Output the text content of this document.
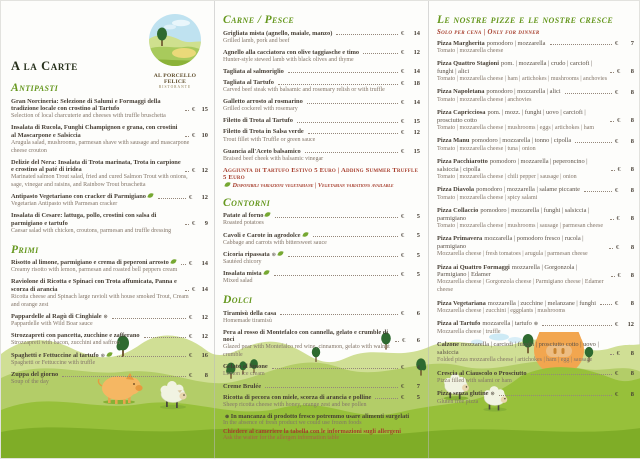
AL PORCELLO FELICE
RISTORANTE
A la Carte
Antipasti
Gran Norcineria: Selezione di Salumi e Formaggi della tradizione locale con crostino al Tartufo	€	15
Selection of local charcuterie and cheeses with truffle bruschetta
Insalata di Rucola, Funghi Champignon e grana, con crostini al Mascarpone e Salsiccia	€	10
Arugula salad, mushrooms, parmesan shave with sausage and mascarpone cheese crouton
Delizie del Nera: Insalata di Trota marinata, Trota in carpione e crostino al paté di iridea	€	12
Marinated salmon Trout salad, fried and cured Salmon Trout with onions, sage, vinegar and raisins, and Rainbow Trout bruschetta
Antipasto Vegetariano con cracker di Parmigiano	€	12
Vegetarian Antipasto with Parmesan cracker
Insalata di Cesare: lattuga, pollo, crostini con salsa di parmigiano e tartufo	€	9
Caesar salad with chicken, croutons, parmesan and truffle dressing
Primi
Risotto al limone, parmigiano e crema di peperoni arrosto	€	14
Creamy risotto with lemon, parmesan and roasted bell peppers cream
Raviolone di Ricotta e Spinaci con Trota affumicata, Panna e scorza di arancia	€	14
Ricotta cheese and Spinach large ravioli with house smoked Trout, Cream and orange zest
Pappardelle al Ragù di Cinghiale ⊛	€	12
Pappardelle with Wild Boar sauce
Strozzapreti con pancetta, zucchine e zafferano	€	12
Strozzapreti with bacon, zucchini and saffron
Spaghetti e Fettuccine al tartufo ⊛	€	16
Spaghetti or Fettuccine with truffle
Zuppa del giorno	€	8
Soup of the day
Carne / Pesce
Grigliata mista (agnello, maiale, manzo)	€	14
Grilled lamb, pork and beef
Agnello alla cacciatora con olive taggiasche e timo	€	12
Hunter-style stewed lamb with black olives and thyme
Tagliata al salmoriglio	€	14
Tagliata al Tartufo	€	18
Carved beef steak with balsamic and rosemary relish or with truffle
Galletto arrosto al rosmarino	€	14
Grilled cockerel with rosemary
Filetto di Trota al Tartufo	€	15
Filetto di Trota in Salsa verde	€	12
Trout fillet with Truffle or green sauce
Guancia all'Aceto balsamico	€	15
Braised beef cheek with balsamic vinegar
Aggiunta di Tartufo Estivo 5 Euro | Adding Summer Truffle 5 Euro
Disponibili variazioni vegetariane | Vegetarian variations available
Contorni
Patate al forno	€	5
Roasted potatoes
Cavoli e Carote in agrodolce	€	5
Cabbage and carrots with bittersweet sauce
Cicoria ripassata ⊛	€	5
Sautéed chicory
Insalata mista	€	5
Mixed salad
Dolci
Tiramisù della casa	€	6
Homemade tiramisù
Pera al rosso di Montefalco con cannella, gelato e crumble di noci	€	6
Glazed pear with Montefalco red wine, cinnamon, gelato with walnut crumble
Gelato al limone	€	4
Lemon ice cream
Creme Brulée	€	7
Ricotta di pecora con miele, scorza di arancia e polline	€	5
Sheep ricotta cheese with honey, orange zest and bee pollen
⊛ In mancanza di prodotto fresco potremmo usare alimenti surgelati
In the absence of fresh product we could use frozen foods
Chiedere al cameriere la tabella con le informazioni sugli allergeni
Ask the waiter for the allergen information table
Le nostre pizze e le nostre cresce
Solo per cena | Only for dinner
Pizza Margherita pomodoro | mozzarella	€	7
Tomato | mozzarella cheese
Pizza Quattro Stagioni pom. | mozzarella | crudo | carciofi | funghi | alici	€	8
Tomato | mozzarella cheese | ham | artichokes | mushrooms | anchovies
Pizza Napoletana pomodoro | mozzarella | alici	€	8
Tomato | mozzarella cheese | anchovies
Pizza Capricciosa pom. | mozz. | funghi | uovo | carciofi | prosciutto cotto	€	8
Tomato | mozzarella cheese | mushrooms | eggs | artichokes | ham
Pizza Manu pomodoro | mozzarella | tonno | cipolla	€	8
Tomato | mozzarella cheese | tuna | onion
Pizza Pacchiarotto pomodoro | mozzarella | peperoncino | salsiccia | cipolla	€	8
Tomato | mozzarella cheese | chili pepper | sausage | onion
Pizza Diavola pomodoro | mozzarella | salame piccante	€	8
Tomato | mozzarella cheese | spicy salami
Pizza Collaccio pomodoro | mozzarella | funghi | salsiccia | parmigiano	€	8
Tomato | mozzarella cheese | mushrooms | sausage | parmesan cheese
Pizza Primavera mozzarella | pomodoro fresco | rucola | parmigiano	€	8
Mozzarella cheese | fresh tomatoes | arugula | parmesan cheese
Pizza ai Quattro Formaggi mozzarella | Gorgonzola | Parmigiano | Edamer	€	8
Mozzarella cheese | Gorgonzola cheese | Parmigiano cheese | Edamer cheese
Pizza Vegetariana mozzarella | zucchine | melanzane | funghi	€	8
Mozzarella cheese | zucchini | eggplants | mushrooms
Pizza al Tartufo mozzarella | tartufo ⊛	€	12
Mozzarella cheese | truffle
Calzone mozzarella | carciofi | funghi | prosciutto cotto | uovo | salsiccia	€	8
Folded pizza mozzarella cheese | artichokes | ham | egg | sausage
Crescia al Ciauscolo o Prosciutto	€	8
Pizza filled with salami or ham
Pizza senza glutine ⊛	€	8
Gluten free pizza
